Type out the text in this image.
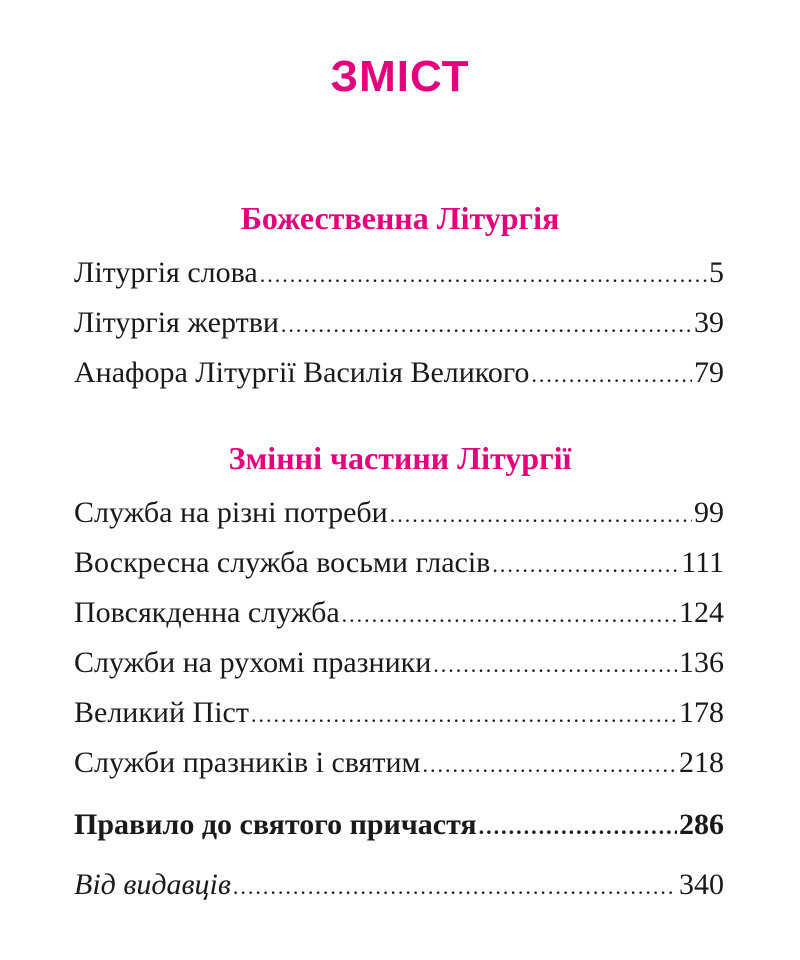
ЗМІСТ
Божественна Літургія
Літургія слова .....	5
Літургія жертви .....	39
Анафора Літургії Василія Великого .....	79
Змінні частини Літургії
Служба на різні потреби .....	99
Воскресна служба восьми гласів .....	111
Повсякденна служба .....	124
Служби на рухомі празники .....	136
Великий Піст .....	178
Служби празників і святим .....	218
Правило до святого причастя .....	286
Від видавців .....	340
